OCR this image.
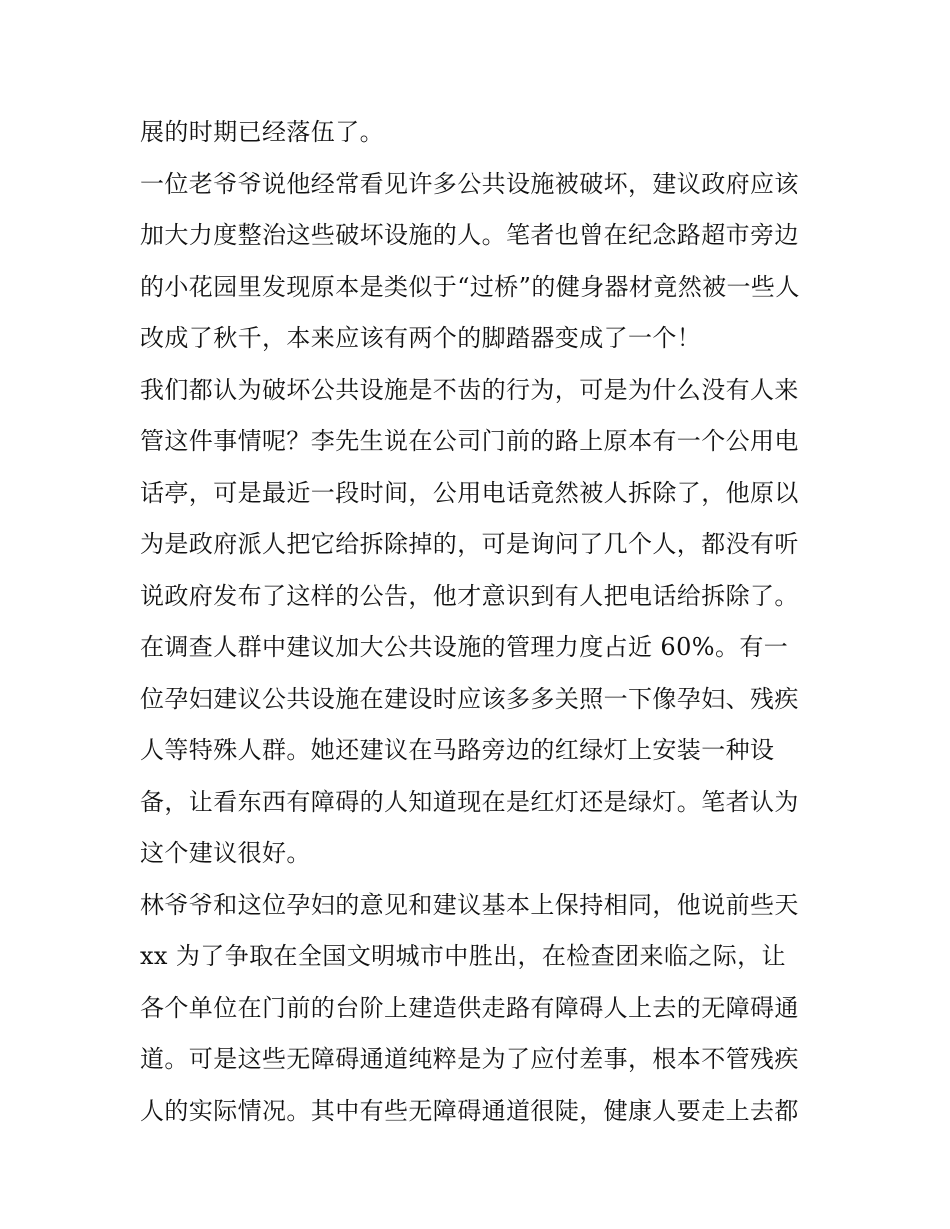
展的时期已经落伍了。
一位老爷爷说他经常看见许多公共设施被破坏，建议政府应该
加大力度整治这些破坏设施的人。笔者也曾在纪念路超市旁边
的小花园里发现原本是类似于“过桥”的健身器材竟然被一些人
改成了秋千，本来应该有两个的脚踏器变成了一个！
我们都认为破坏公共设施是不齿的行为，可是为什么没有人来
管这件事情呢？李先生说在公司门前的路上原本有一个公用电
话亭，可是最近一段时间，公用电话竟然被人拆除了，他原以
为是政府派人把它给拆除掉的，可是询问了几个人，都没有听
说政府发布了这样的公告，他才意识到有人把电话给拆除了。
在调查人群中建议加大公共设施的管理力度占近 60%。有一
位孕妇建议公共设施在建设时应该多多关照一下像孕妇、残疾
人等特殊人群。她还建议在马路旁边的红绿灯上安装一种设
备，让看东西有障碍的人知道现在是红灯还是绿灯。笔者认为
这个建议很好。
林爷爷和这位孕妇的意见和建议基本上保持相同，他说前些天
xx 为了争取在全国文明城市中胜出，在检查团来临之际，让
各个单位在门前的台阶上建造供走路有障碍人上去的无障碍通
道。可是这些无障碍通道纯粹是为了应付差事，根本不管残疾
人的实际情况。其中有些无障碍通道很陡，健康人要走上去都
